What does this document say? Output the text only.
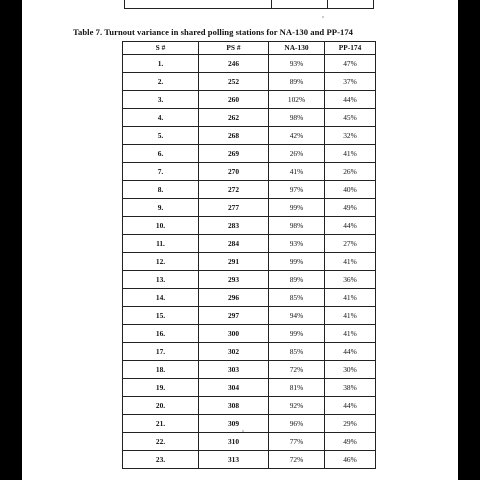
Table 7. Turnout variance in shared polling stations for NA-130 and PP-174
S #	PS #	NA-130	PP-174
1.	246	93%	47%
2.	252	89%	37%
3.	260	102%	44%
4.	262	98%	45%
5.	268	42%	32%
6.	269	26%	41%
7.	270	41%	26%
8.	272	97%	40%
9.	277	99%	49%
10.	283	98%	44%
11.	284	93%	27%
12.	291	99%	41%
13.	293	89%	36%
14.	296	85%	41%
15.	297	94%	41%
16.	300	99%	41%
17.	302	85%	44%
18.	303	72%	30%
19.	304	81%	38%
20.	308	92%	44%
21.	309	96%	29%
22.	310	77%	49%
23.	313	72%	46%
